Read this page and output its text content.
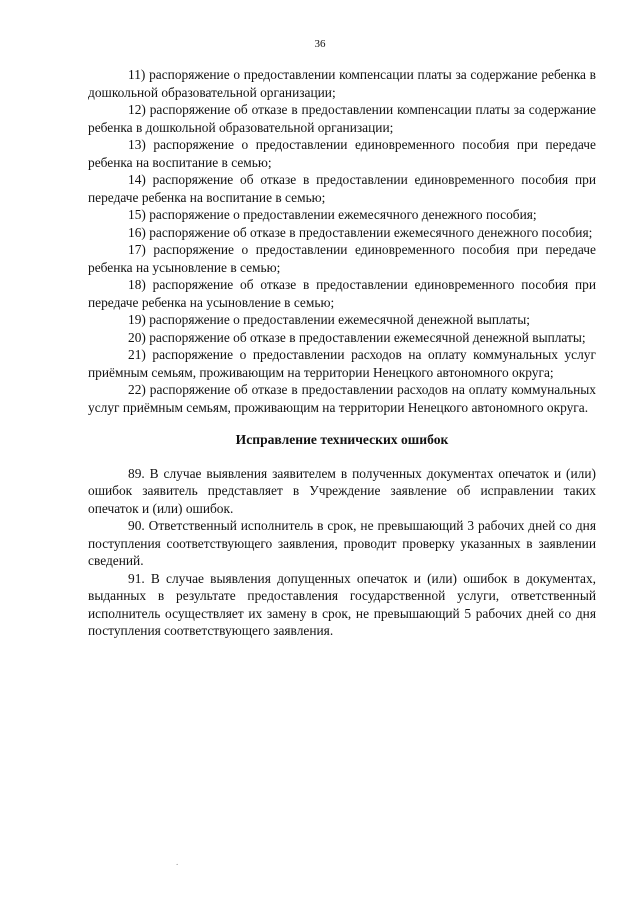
36

11) распоряжение о предоставлении компенсации платы за содержание ребенка в дошкольной образовательной организации;

12) распоряжение об отказе в предоставлении компенсации платы за содержание ребенка в дошкольной образовательной организации;

13) распоряжение о предоставлении единовременного пособия при передаче ребенка на воспитание в семью;

14) распоряжение об отказе в предоставлении единовременного пособия при передаче ребенка на воспитание в семью;

15) распоряжение о предоставлении ежемесячного денежного пособия;

16) распоряжение об отказе в предоставлении ежемесячного денежного пособия;

17) распоряжение о предоставлении единовременного пособия при передаче ребенка на усыновление в семью;

18) распоряжение об отказе в предоставлении единовременного пособия при передаче ребенка на усыновление в семью;

19) распоряжение о предоставлении ежемесячной денежной выплаты;

20) распоряжение об отказе в предоставлении ежемесячной денежной выплаты;

21) распоряжение о предоставлении расходов на оплату коммунальных услуг приёмным семьям, проживающим на территории Ненецкого автономного округа;

22) распоряжение об отказе в предоставлении расходов на оплату коммунальных услуг приёмным семьям, проживающим на территории Ненецкого автономного округа.

Исправление технических ошибок

89. В случае выявления заявителем в полученных документах опечаток и (или) ошибок заявитель представляет в Учреждение заявление об исправлении таких опечаток и (или) ошибок.

90. Ответственный исполнитель в срок, не превышающий 3 рабочих дней со дня поступления соответствующего заявления, проводит проверку указанных в заявлении сведений.

91. В случае выявления допущенных опечаток и (или) ошибок в документах, выданных в результате предоставления государственной услуги, ответственный исполнитель осуществляет их замену в срок, не превышающий 5 рабочих дней со дня поступления соответствующего заявления.

.
